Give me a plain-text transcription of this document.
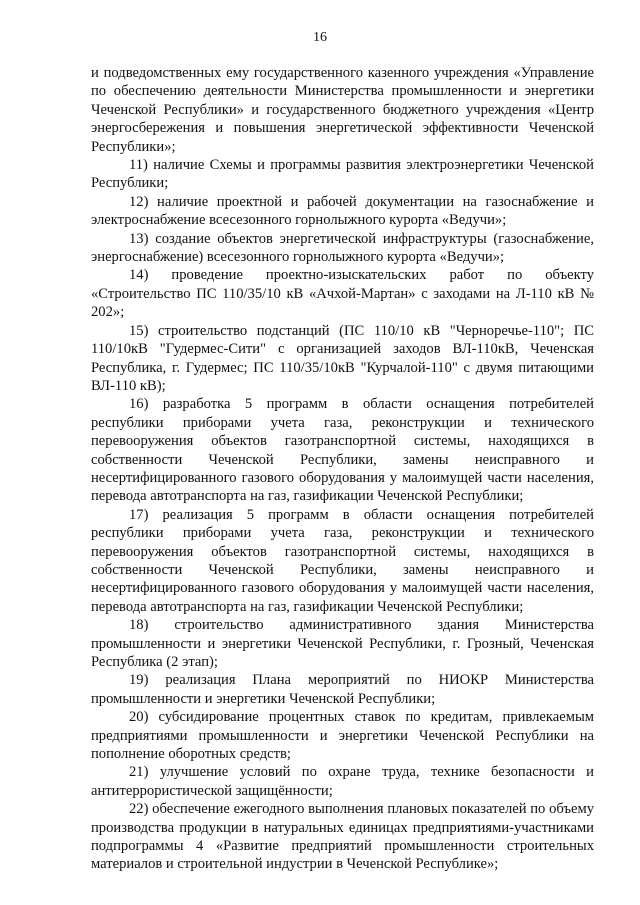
16

и подведомственных ему государственного казенного учреждения «Управление по обеспечению деятельности Министерства промышленности и энергетики Чеченской Республики» и государственного бюджетного учреждения «Центр энергосбережения и повышения энергетической эффективности Чеченской Республики»;

11) наличие Схемы и программы развития электроэнергетики Чеченской Республики;

12) наличие проектной и рабочей документации на газоснабжение и электроснабжение всесезонного горнолыжного курорта «Ведучи»;

13) создание объектов энергетической инфраструктуры (газоснабжение, энергоснабжение) всесезонного горнолыжного курорта «Ведучи»;

14) проведение проектно-изыскательских работ по объекту «Строительство ПС 110/35/10 кВ «Ачхой-Мартан» с заходами на Л-110 кВ № 202»;

15) строительство подстанций (ПС 110/10 кВ "Черноречье-110"; ПС 110/10кВ "Гудермес-Сити" с организацией заходов ВЛ-110кВ, Чеченская Республика, г. Гудермес; ПС 110/35/10кВ "Курчалой-110" с двумя питающими ВЛ-110 кВ);

16) разработка 5 программ в области оснащения потребителей республики приборами учета газа, реконструкции и технического перевооружения объектов газотранспортной системы, находящихся в собственности Чеченской Республики, замены неисправного и несертифицированного газового оборудования у малоимущей части населения, перевода автотранспорта на газ, газификации Чеченской Республики;

17) реализация 5 программ в области оснащения потребителей республики приборами учета газа, реконструкции и технического перевооружения объектов газотранспортной системы, находящихся в собственности Чеченской Республики, замены неисправного и несертифицированного газового оборудования у малоимущей части населения, перевода автотранспорта на газ, газификации Чеченской Республики;

18) строительство административного здания Министерства промышленности и энергетики Чеченской Республики, г. Грозный, Чеченская Республика (2 этап);

19) реализация Плана мероприятий по НИОКР Министерства промышленности и энергетики Чеченской Республики;

20) субсидирование процентных ставок по кредитам, привлекаемым предприятиями промышленности и энергетики Чеченской Республики на пополнение оборотных средств;

21) улучшение условий по охране труда, технике безопасности и антитеррористической защищённости;

22) обеспечение ежегодного выполнения плановых показателей по объему производства продукции в натуральных единицах предприятиями-участниками подпрограммы 4 «Развитие предприятий промышленности строительных материалов и строительной индустрии в Чеченской Республике»;
